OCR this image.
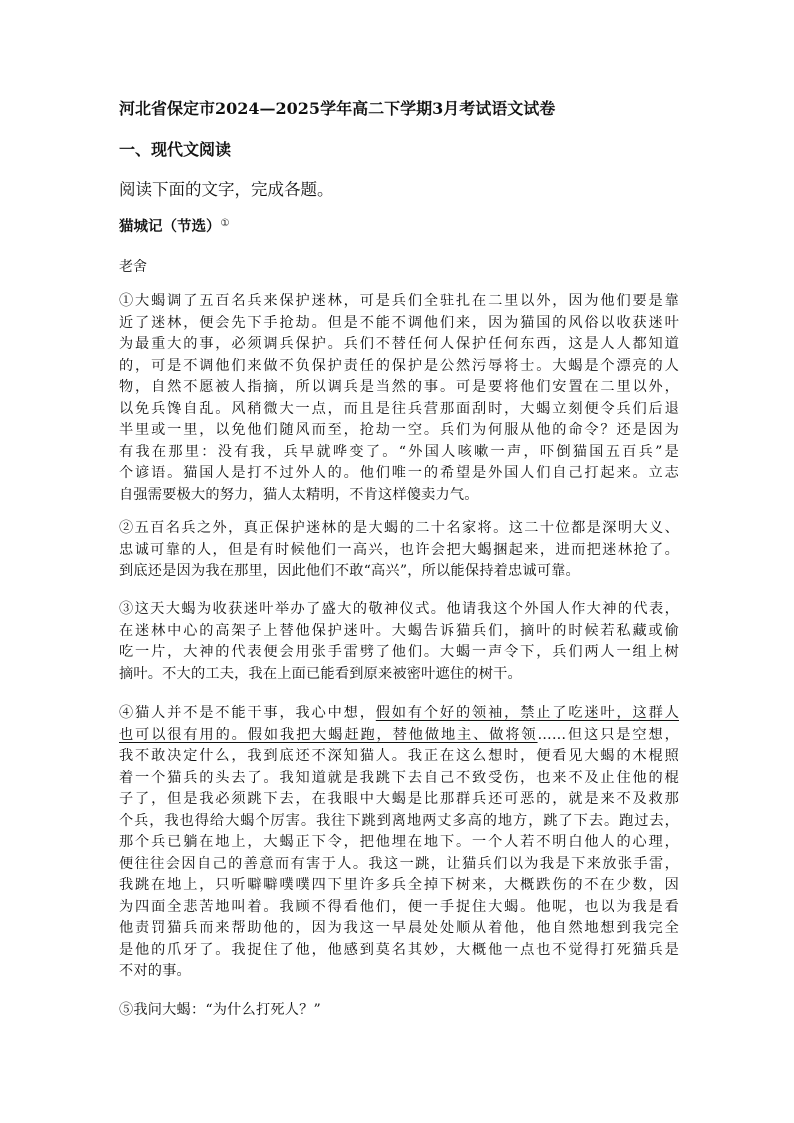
河北省保定市2024—2025学年高二下学期3月考试语文试卷
一、现代文阅读
阅读下面的文字，完成各题。
猫城记（节选）①
老舍
①大蝎调了五百名兵来保护迷林，可是兵们全驻扎在二里以外，因为他们要是靠
近了迷林，便会先下手抢劫。但是不能不调他们来，因为猫国的风俗以收获迷叶
为最重大的事，必须调兵保护。兵们不替任何人保护任何东西，这是人人都知道
的，可是不调他们来做不负保护责任的保护是公然污辱将士。大蝎是个漂亮的人
物，自然不愿被人指摘，所以调兵是当然的事。可是要将他们安置在二里以外，
以免兵馋自乱。风稍微大一点，而且是往兵营那面刮时，大蝎立刻便令兵们后退
半里或一里，以免他们随风而至，抢劫一空。兵们为何服从他的命令？还是因为
有我在那里：没有我，兵早就哗变了。“外国人咳嗽一声，吓倒猫国五百兵”是
个谚语。猫国人是打不过外人的。他们唯一的希望是外国人们自己打起来。立志
自强需要极大的努力，猫人太精明，不肯这样傻卖力气。
②五百名兵之外，真正保护迷林的是大蝎的二十名家将。这二十位都是深明大义、
忠诚可靠的人，但是有时候他们一高兴，也许会把大蝎捆起来，进而把迷林抢了。
到底还是因为我在那里，因此他们不敢“高兴”，所以能保持着忠诚可靠。
③这天大蝎为收获迷叶举办了盛大的敬神仪式。他请我这个外国人作大神的代表，
在迷林中心的高架子上替他保护迷叶。大蝎告诉猫兵们，摘叶的时候若私藏或偷
吃一片，大神的代表便会用张手雷劈了他们。大蝎一声令下，兵们两人一组上树
摘叶。不大的工夫，我在上面已能看到原来被密叶遮住的树干。
④猫人并不是不能干事，我心中想，假如有个好的领袖，禁止了吃迷叶，这群人
也可以很有用的。假如我把大蝎赶跑，替他做地主、做将领……但这只是空想，
我不敢决定什么，我到底还不深知猫人。我正在这么想时，便看见大蝎的木棍照
着一个猫兵的头去了。我知道就是我跳下去自己不致受伤，也来不及止住他的棍
子了，但是我必须跳下去，在我眼中大蝎是比那群兵还可恶的，就是来不及救那
个兵，我也得给大蝎个厉害。我往下跳到离地两丈多高的地方，跳了下去。跑过去，
那个兵已躺在地上，大蝎正下令，把他埋在地下。一个人若不明白他人的心理，
便往往会因自己的善意而有害于人。我这一跳，让猫兵们以为我是下来放张手雷，
我跳在地上，只听噼噼噗噗四下里许多兵全掉下树来，大概跌伤的不在少数，因
为四面全悲苦地叫着。我顾不得看他们，便一手捉住大蝎。他呢，也以为我是看
他责罚猫兵而来帮助他的，因为我这一早晨处处顺从着他，他自然地想到我完全
是他的爪牙了。我捉住了他，他感到莫名其妙，大概他一点也不觉得打死猫兵是
不对的事。
⑤我问大蝎：“为什么打死人？”
